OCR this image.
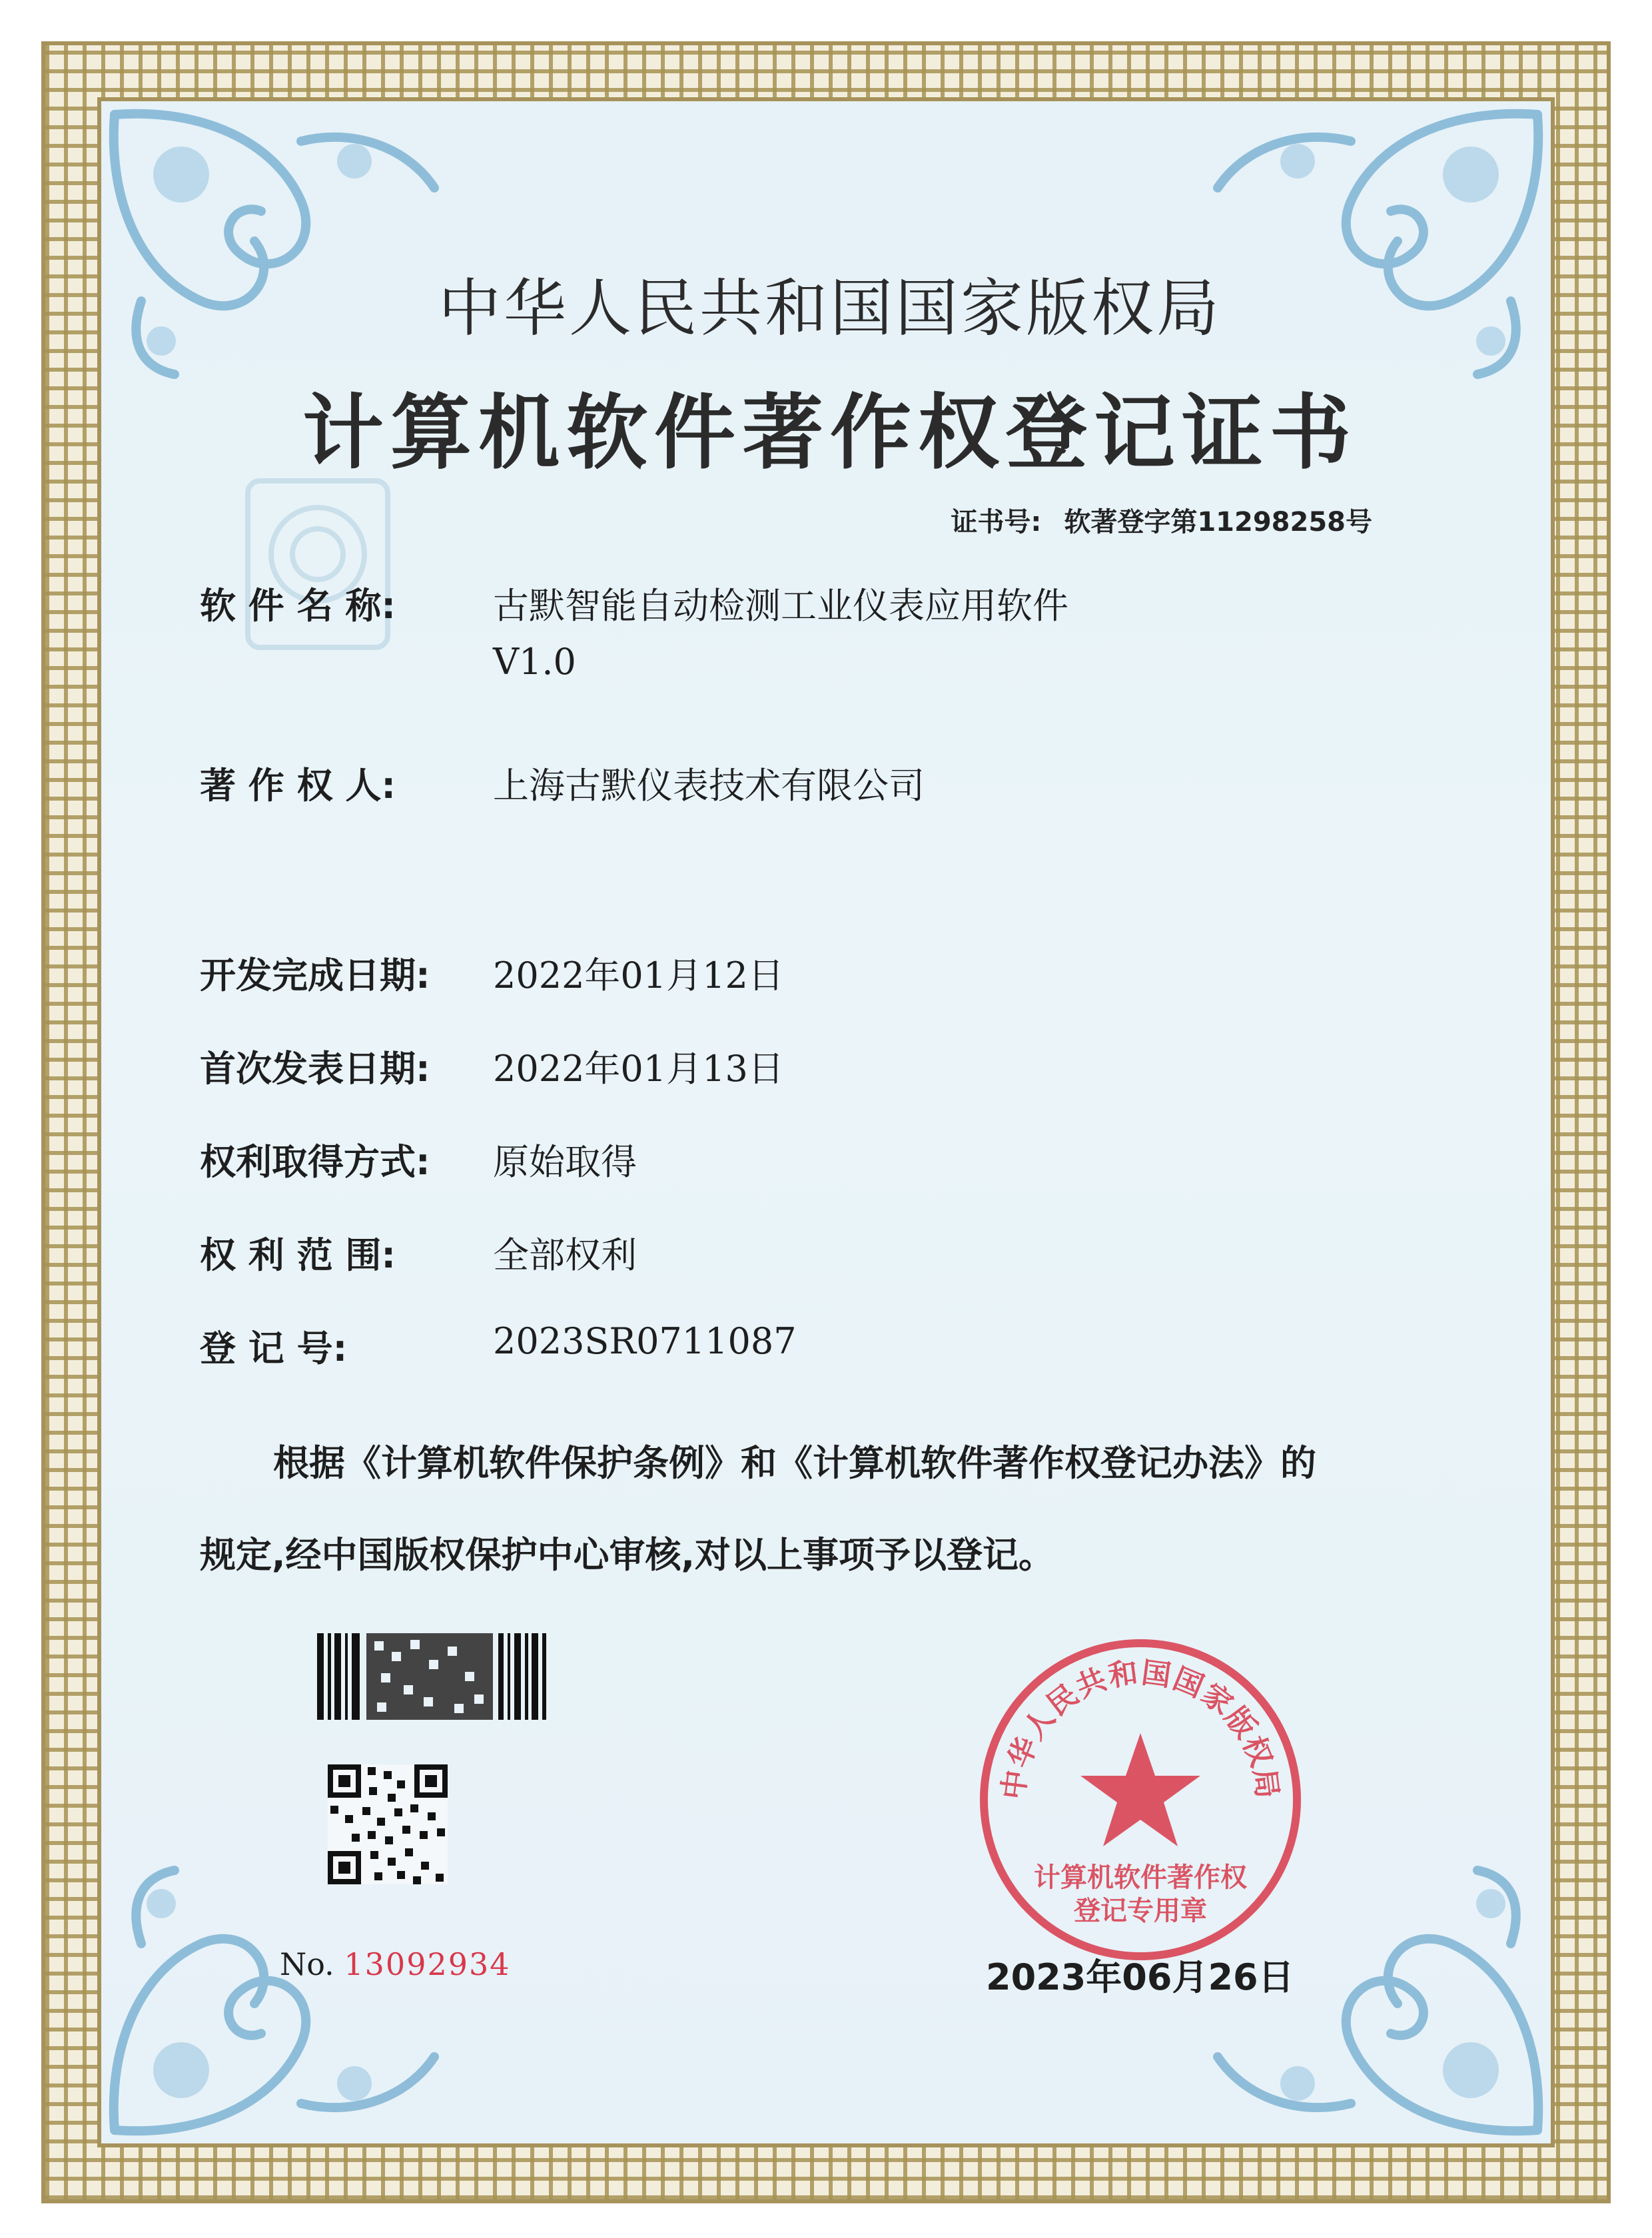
中华人民共和国国家版权局
计算机软件著作权登记证书
证书号: 软著登字第11298258号
软 件 名 称:	古默智能自动检测工业仪表应用软件
V1.0
著 作 权 人:	上海古默仪表技术有限公司
开发完成日期: 2022年01月12日
首次发表日期: 2022年01月13日
权利取得方式: 原始取得
权 利 范 围:	全部权利
登 记 号:	2023SR0711087
根据《计算机软件保护条例》和《计算机软件著作权登记办法》的
规定,经中国版权保护中心审核,对以上事项予以登记。
No. 13092934
中华人民共和国国家版权局
计算机软件著作权
登记专用章
2023年06月26日
